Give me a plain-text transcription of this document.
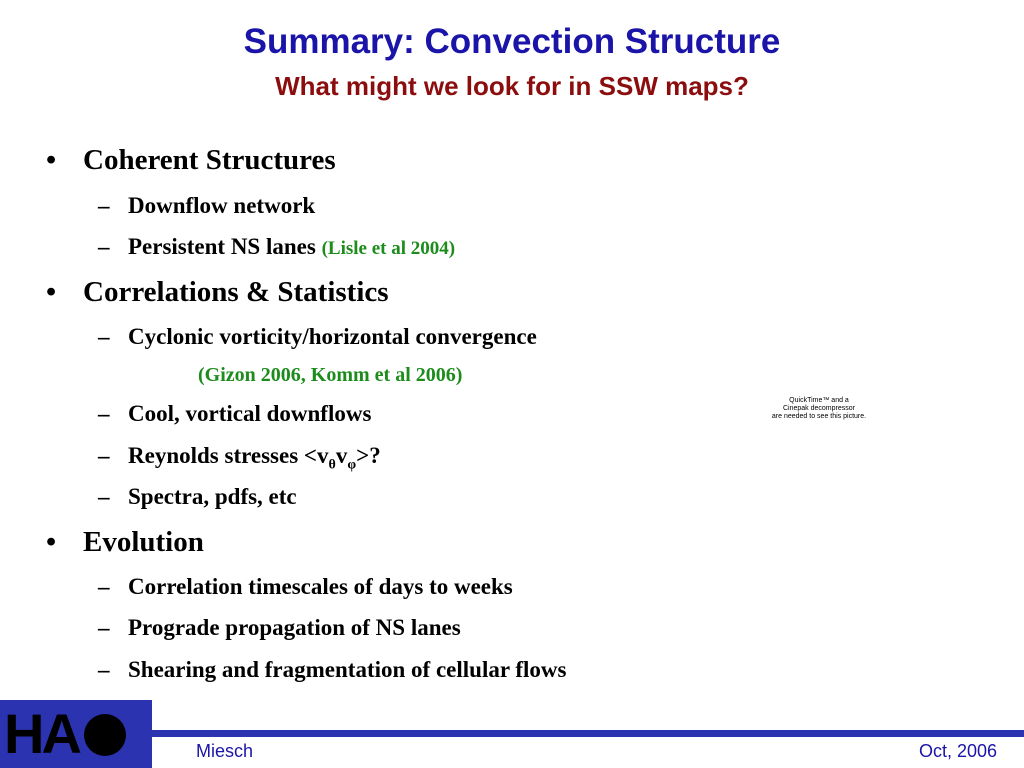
Summary: Convection Structure
What might we look for in SSW maps?
• Coherent Structures
– Downflow network
– Persistent NS lanes (Lisle et al 2004)
• Correlations & Statistics
– Cyclonic vorticity/horizontal convergence
(Gizon 2006, Komm et al 2006)
– Cool, vortical downflows
– Reynolds stresses $<v_\theta v_\varphi>$?
– Spectra, pdfs, etc
• Evolution
– Correlation timescales of days to weeks
– Prograde propagation of NS lanes
– Shearing and fragmentation of cellular flows
QuickTime™ and a
Cinepak decompressor
are needed to see this picture.
HA	Miesch	Oct, 2006
